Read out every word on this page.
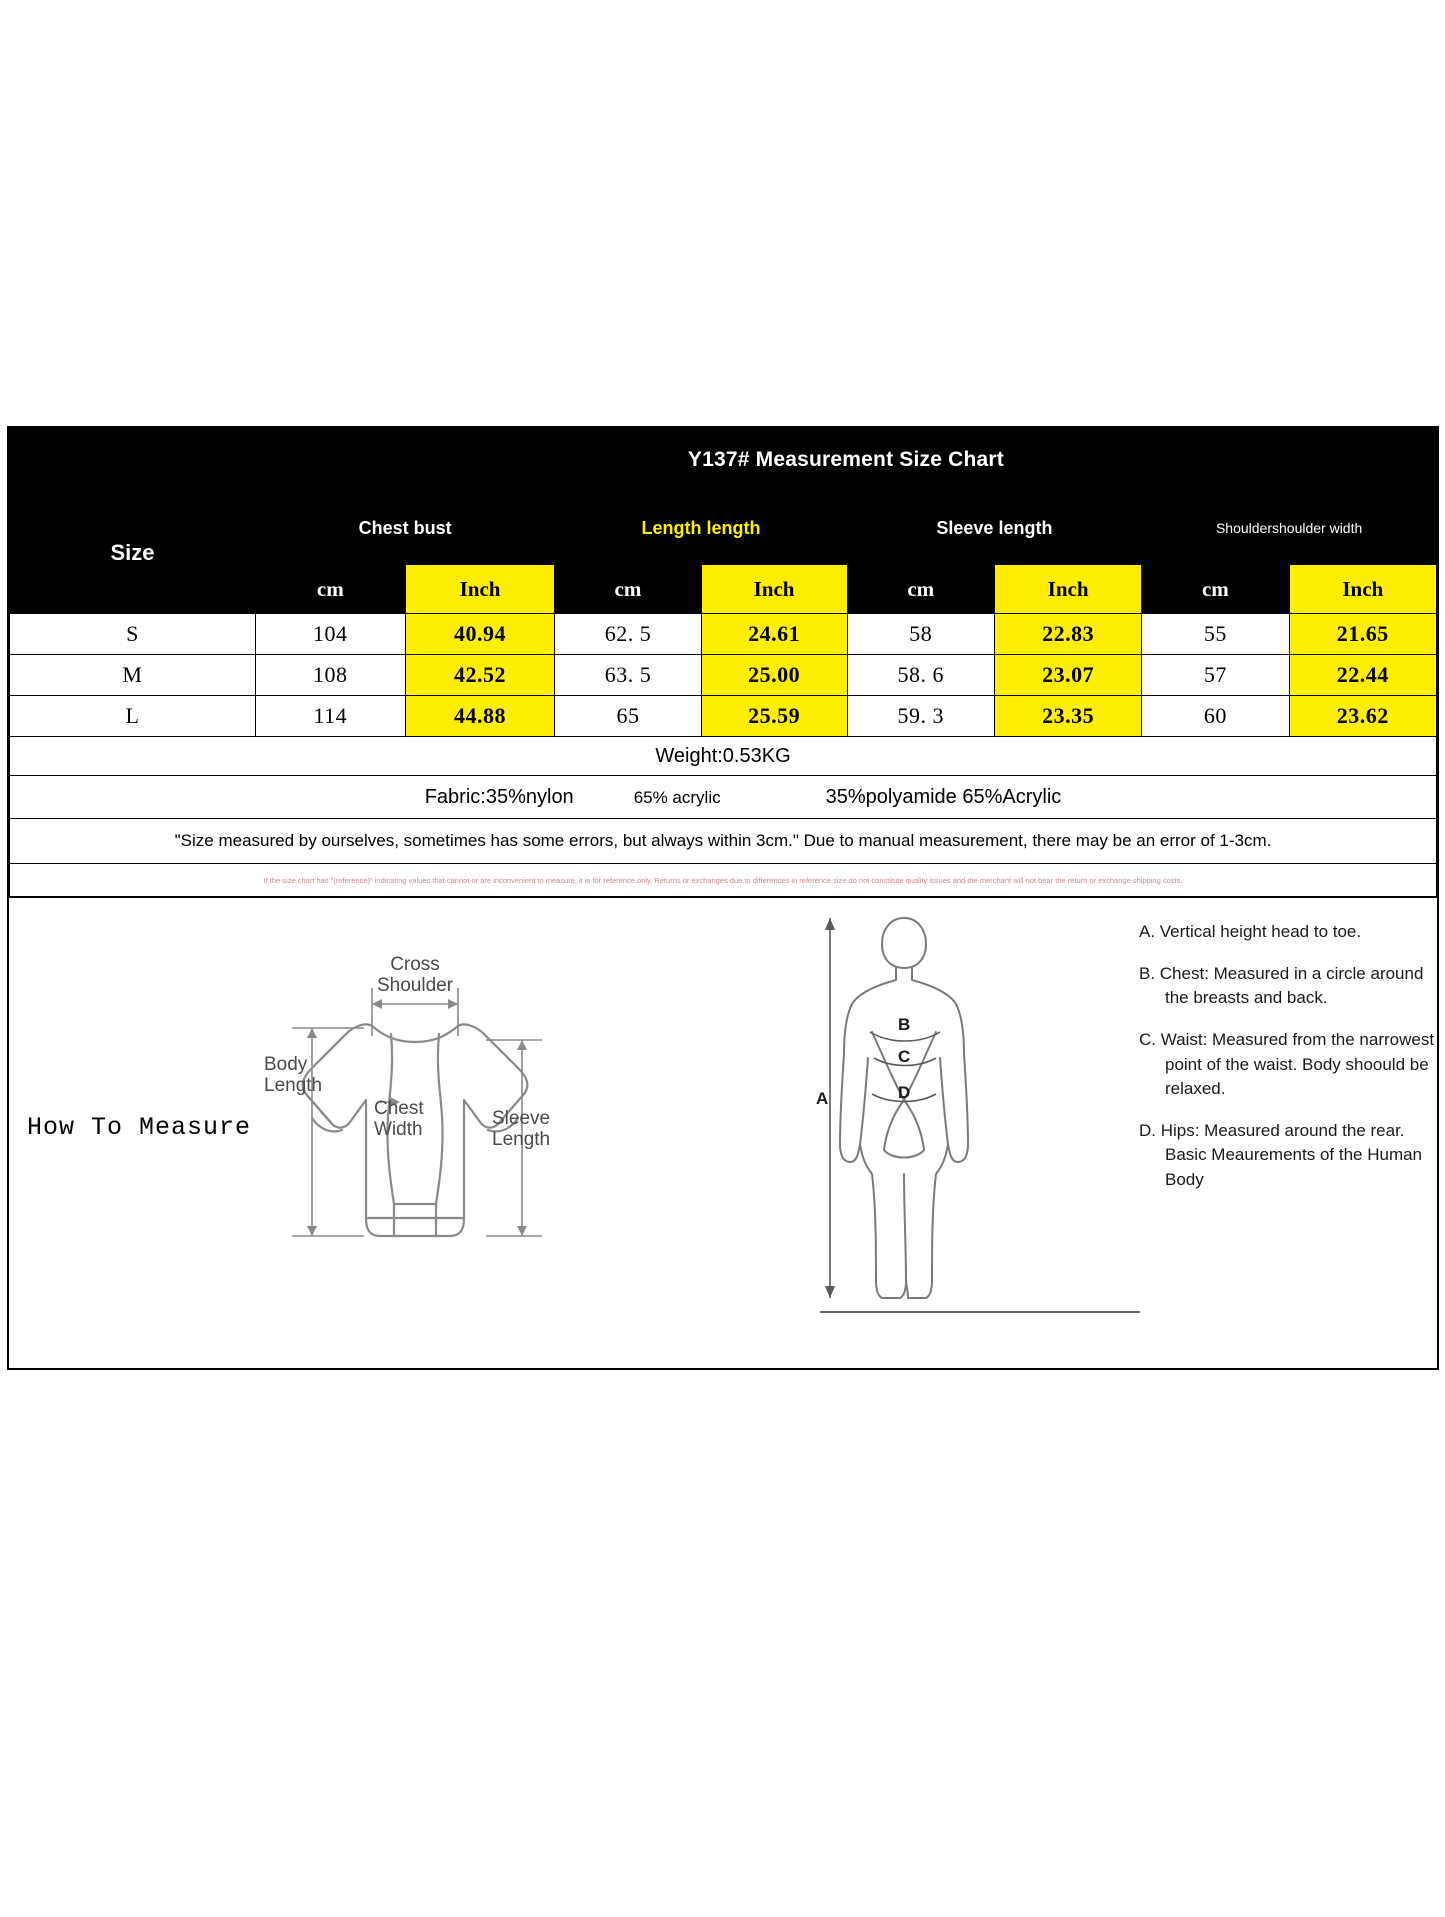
	Y137# Measurement Size Chart							
Size	Chest bust		Length length		Sleeve length		Shouldershoulder width	
	cm	Inch	cm	Inch	cm	Inch	cm	Inch
S	104	40.94	62. 5	24.61	58	22.83	55	21.65
M	108	42.52	63. 5	25.00	58. 6	23.07	57	22.44
L	114	44.88	65	25.59	59. 3	23.35	60	23.62
Weight:0.53KG								

Fabric:35%nylon 65% acrylic 35%polyamide 65%Acrylic								

"Size measured by ourselves, sometimes has some errors, but always within 3cm." Due to manual measurement, there may be an error of 1-3cm.								
If the size chart has "(reference)" indicating values that cannot or are inconvenient to measure, it is for reference only. Returns or exchanges due to differences in reference size do not constitute quality issues and the merchant will not bear the return or exchange shipping costs.								
How To Measure
Cross
Shoulder
Body
Length
Chest
Width
Sleeve
Length
A
B
C
D

A. Vertical height head to toe.

B. Chest: Measured in a circle around the breasts and back.

C. Waist: Measured from the narrowest point of the waist. Body shoould be relaxed.

D. Hips: Measured around the rear. Basic Meaurements of the Human Body
